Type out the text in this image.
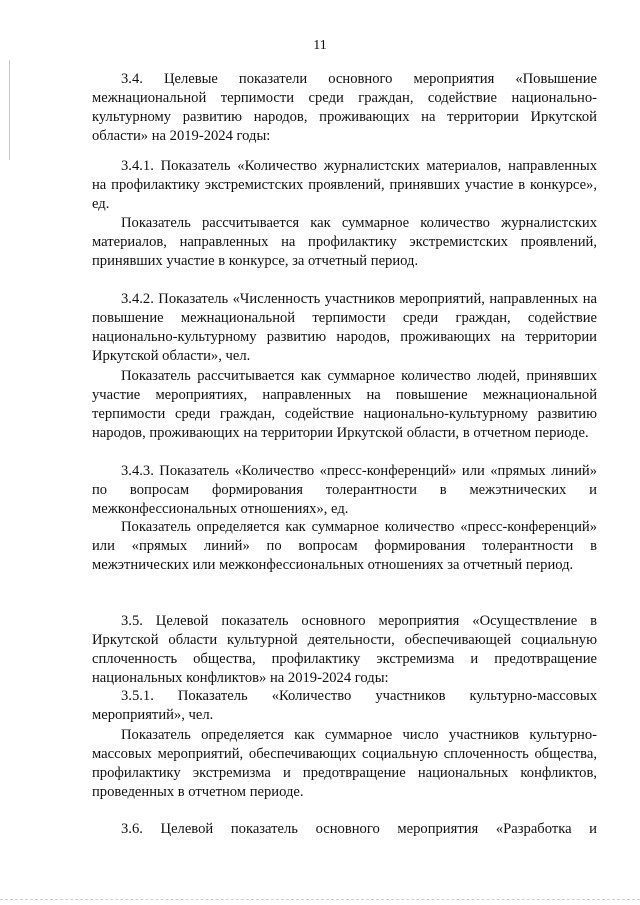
11

3.4. Целевые показатели основного мероприятия «Повышение межнациональной терпимости среди граждан, содействие национально-культурному развитию народов, проживающих на территории Иркутской области» на 2019-2024 годы:

3.4.1. Показатель «Количество журналистских материалов, направленных на профилактику экстремистских проявлений, принявших участие в конкурсе», ед.

Показатель рассчитывается как суммарное количество журналистских материалов, направленных на профилактику экстремистских проявлений, принявших участие в конкурсе, за отчетный период.

3.4.2. Показатель «Численность участников мероприятий, направленных на повышение межнациональной терпимости среди граждан, содействие национально-культурному развитию народов, проживающих на территории Иркутской области», чел.

Показатель рассчитывается как суммарное количество людей, принявших участие мероприятиях, направленных на повышение межнациональной терпимости среди граждан, содействие национально-культурному развитию народов, проживающих на территории Иркутской области, в отчетном периоде.

3.4.3. Показатель «Количество «пресс-конференций» или «прямых линий» по вопросам формирования толерантности в межэтнических и межконфессиональных отношениях», ед.

Показатель определяется как суммарное количество «пресс-конференций» или «прямых линий» по вопросам формирования толерантности в межэтнических или межконфессиональных отношениях за отчетный период.

3.5. Целевой показатель основного мероприятия «Осуществление в Иркутской области культурной деятельности, обеспечивающей социальную сплоченность общества, профилактику экстремизма и предотвращение национальных конфликтов» на 2019-2024 годы:

3.5.1. Показатель «Количество участников культурно-массовых мероприятий», чел.

Показатель определяется как суммарное число участников культурно-массовых мероприятий, обеспечивающих социальную сплоченность общества, профилактику экстремизма и предотвращение национальных конфликтов, проведенных в отчетном периоде.

3.6. Целевой показатель основного мероприятия «Разработка и
